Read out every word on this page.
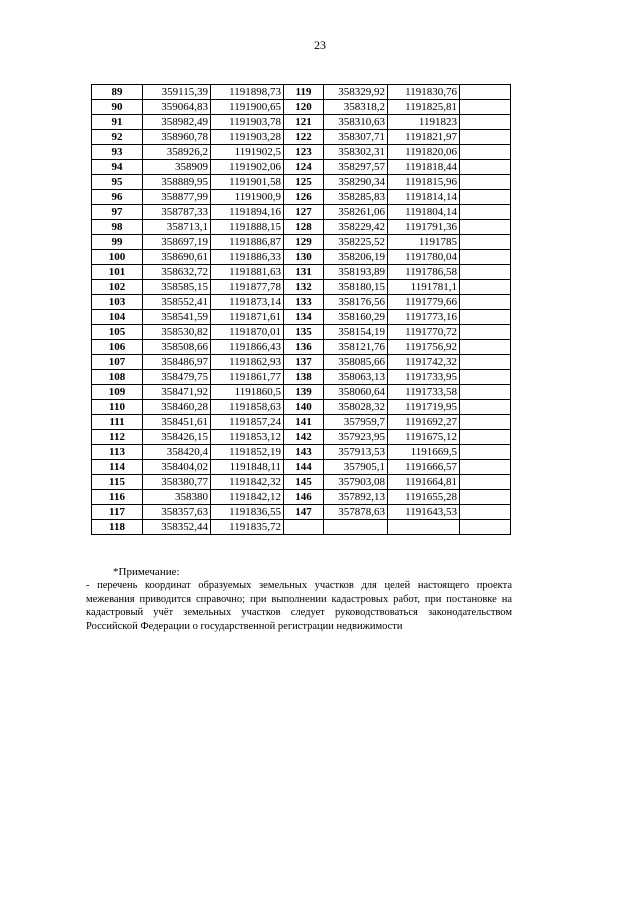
23
89	359115,39	1191898,73	119	358329,92	1191830,76	
90	359064,83	1191900,65	120	358318,2	1191825,81	
91	358982,49	1191903,78	121	358310,63	1191823	
92	358960,78	1191903,28	122	358307,71	1191821,97	
93	358926,2	1191902,5	123	358302,31	1191820,06	
94	358909	1191902,06	124	358297,57	1191818,44	
95	358889,95	1191901,58	125	358290,34	1191815,96	
96	358877,99	1191900,9	126	358285,83	1191814,14	
97	358787,33	1191894,16	127	358261,06	1191804,14	
98	358713,1	1191888,15	128	358229,42	1191791,36	
99	358697,19	1191886,87	129	358225,52	1191785	
100	358690,61	1191886,33	130	358206,19	1191780,04	
101	358632,72	1191881,63	131	358193,89	1191786,58	
102	358585,15	1191877,78	132	358180,15	1191781,1	
103	358552,41	1191873,14	133	358176,56	1191779,66	
104	358541,59	1191871,61	134	358160,29	1191773,16	
105	358530,82	1191870,01	135	358154,19	1191770,72	
106	358508,66	1191866,43	136	358121,76	1191756,92	
107	358486,97	1191862,93	137	358085,66	1191742,32	
108	358479,75	1191861,77	138	358063,13	1191733,95	
109	358471,92	1191860,5	139	358060,64	1191733,58	
110	358460,28	1191858,63	140	358028,32	1191719,95	
111	358451,61	1191857,24	141	357959,7	1191692,27	
112	358426,15	1191853,12	142	357923,95	1191675,12	
113	358420,4	1191852,19	143	357913,53	1191669,5	
114	358404,02	1191848,11	144	357905,1	1191666,57	
115	358380,77	1191842,32	145	357903,08	1191664,81	
116	358380	1191842,12	146	357892,13	1191655,28	
117	358357,63	1191836,55	147	357878,63	1191643,53	
118	358352,44	1191835,72				
*Примечание:
- перечень координат образуемых земельных участков для целей настоящего проекта межевания приводится справочно; при выполнении кадастровых работ, при постановке на кадастровый учёт земельных участков следует руководствоваться законодательством Российской Федерации о государственной регистрации недвижимости
